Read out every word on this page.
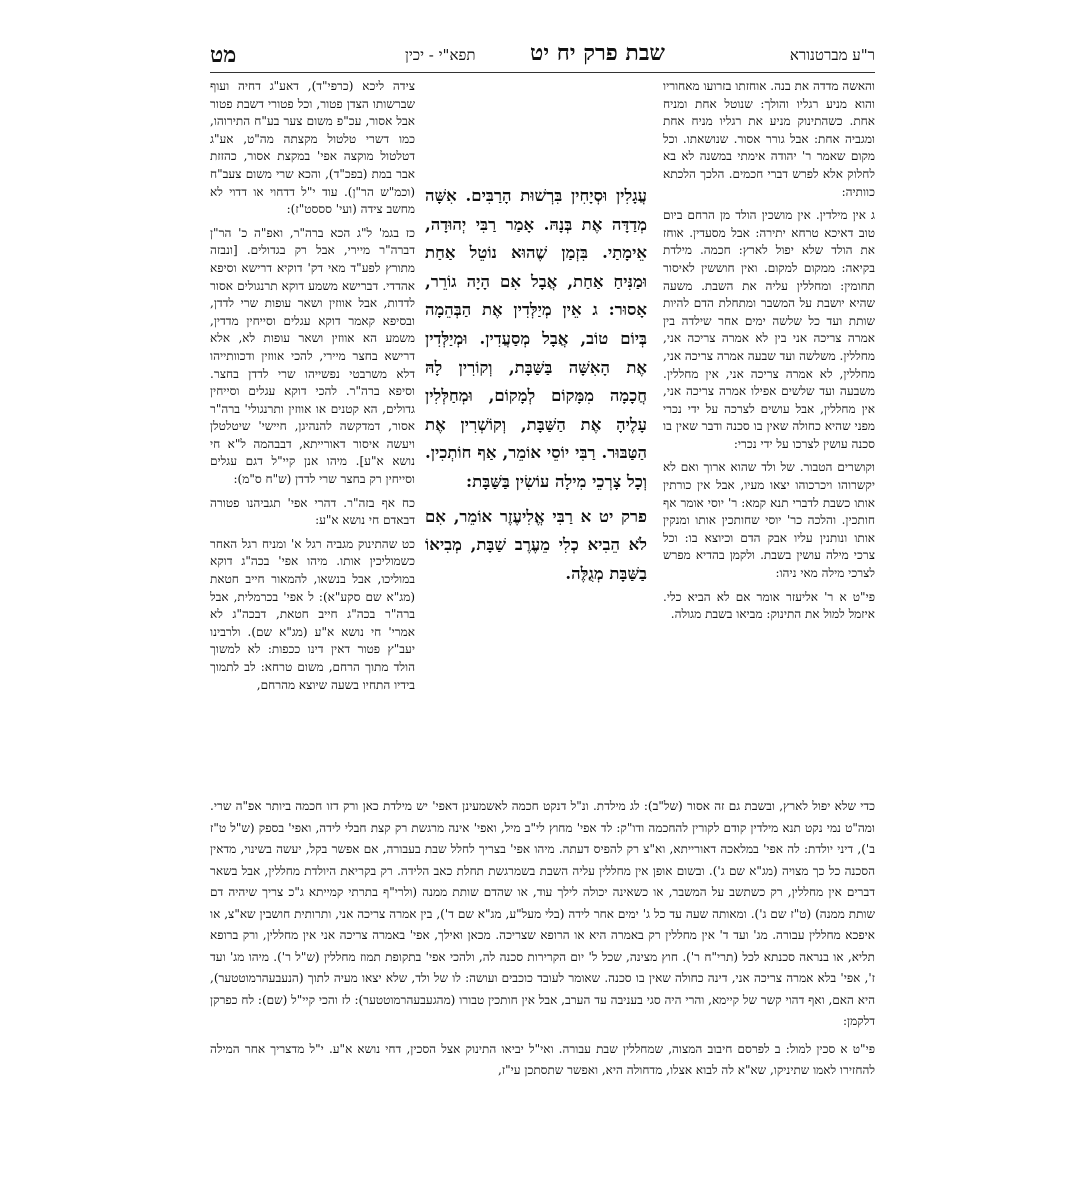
ר"ע מברטנורא
שבת פרק יח יט
תפא"י - יכין
מט

והאשה מדדה את בנה. אוחזתו בזרועו מאחוריו והוא מניע רגליו והולך: שנוטל אחת ומניח אחת. כשהתינוק מניע את רגליו מניח אחת ומגביה אחת: אבל גורר אסור. שנושאתו. וכל מקום שאמר ר' יהודה אימתי במשנה לא בא לחלוק אלא לפרש דברי חכמים. הלכך הלכתא כוותיה:

ג אין מילדין. אין מושכין הולד מן הרחם ביום טוב דאיכא טרחא יתירה: אבל מסעדין. אוחז את הולד שלא יפול לארץ: חכמה. מילדת בקיאה: ממקום למקום. ואין חוששין לאיסור תחומין: ומחללין עליה את השבת. משעה שהיא יושבת על המשבר ומתחלת הדם להיות שותת ועד כל שלשה ימים אחר שילדה בין אמרה צריכה אני בין לא אמרה צריכה אני, מחללין. משלשה ועד שבעה אמרה צריכה אני, מחללין, לא אמרה צריכה אני, אין מחללין. משבעה ועד שלשים אפילו אמרה צריכה אני, אין מחללין, אבל עושים לצרכה על ידי נכרי מפני שהיא כחולה שאין בו סכנה ודבר שאין בו סכנה עושין לצרכו על ידי נכרי:

וקושרים הטבור. של ולד שהוא ארוך ואם לא יקשרוהו ויכרכוהו יצאו מעיו, אבל אין כורתין אותו כשבת לדברי תנא קמא: ר' יוסי אומר אף חותכין. והלכה כר' יוסי שחותכין אותו ומנקין אותו ונותנין עליו אבק הדם וכיוצא בו: וכל צרכי מילה עושין בשבת. ולקמן בהדיא מפרש לצרכי מילה מאי ניהו:

פי"ט א ר' אליעזר אומר אם לא הביא כלי. איזמל למול את התינוק: מביאו בשבת מגולה.

עֲגָלִין וּסְיָחִין בִּרְשׁוּת הָרַבִּים. אִשָּׁה מְדַדָּה אֶת בְּנָהּ. אָמַר רַבִּי יְהוּדָה, אֵימָתַי. בִּזְמַן שֶׁהוּא נוֹטֵל אַחַת וּמַנִּיחַ אַחַת, אֲבָל אִם הָיָה גוֹרֵר, אָסוּר: ג אֵין מְיַלְּדִין אֶת הַבְּהֵמָה בְּיוֹם טוֹב, אֲבָל מְסַעֲדִין. וּמְיַלְּדִין אֶת הָאִשָּׁה בַּשַּׁבָּת, וְקוֹרִין לָהּ חֲכָמָה מִמָּקוֹם לְמָקוֹם, וּמְחַלְּלִין עָלֶיהָ אֶת הַשַּׁבָּת, וְקוֹשְׁרִין אֶת הַטַּבּוּר. רַבִּי יוֹסֵי אוֹמֵר, אַף חוֹתְכִין. וְכָל צָרְכֵי מִילָה עוֹשִׂין בַּשַּׁבָּת:

פרק יט א רַבִּי אֱלִיעֶזֶר אוֹמֵר, אִם לֹא הֵבִיא כְלִי מֵעֶרֶב שַׁבָּת, מְבִיאוֹ בַשַּׁבָּת מְגֻלֶּה.

צידה ליכא (כרפי"ד), דאע"ג דחיה ועוף שברשותו הצדן פטור, וכל פטורי דשבת פטור אבל אסור, עכ"פ משום צער בע"ח התירוהו, כמו דשרי טלטול מקצתה מה"ט, אע"ג דטלטול מוקצה אפי' במקצת אסור, כהזזת אבר במת (בפכ"ד), והכא שרי משום צעב"ח (וכמ"ש הר"ן). עוד י"ל דדחוי או דדוי לא מחשב צידה (ועי' סססט"ז):

כז בגמ' ל"ג הכא ברה"ר, ואפ"ה כ' הר"ן דברה"ר מיירי, אבל רק בגדולים. [ונבזה מתורץ לפע"ד מאי דק' דוקיא דרישא וסיפא אהדדי. דברישא משמע דוקא תרנגולים אסור לדדות, אבל אווזין ושאר עופות שרי לדדן, ובסיפא קאמר דוקא עגלים וסייחין מדדין, משמע הא אווזין ושאר עופות לא, אלא דרישא בחצר מיירי, להכי אווזין ודכוותייהו דלא משרבטי נפשייהו שרי לדדן בחצר. וסיפא ברה"ר. להכי דוקא עגלים וסייחין גדולים, הא קטנים או אווזין ותרנגולי' ברה"ר אסור, דמדקשה להנהיגן, חיישי' שיטלטלן ויעשה איסור דאורייתא, דבבהמה ל"א חי נושא א"ע]. מיהו אנן קיי"ל דגם עגלים וסייחין רק בחצר שרי לדדן (ש"ח ס"מ):

כח אף בזה"ר. דהרי אפי' תגביהנו פטורה דבאדם חי נושא א"ע:

כט שהתינוק מגביה רגל א' ומניח רגל האחר כשמוליכין אותו. מיהו אפי' בכה"ג דוקא במוליכו, אבל בנשאו, להמאור חייב חטאת (מג"א שם סקע"א): ל אפי' בכרמלית, אבל ברה"ר בכה"ג חייב חטאת, דבכה"ג לא אמרי' חי נושא א"ע (מג"א שם). ולרבינו יעב"ץ פטור דאין דינו ככפות: לא למשוך הולד מתוך הרחם, משום טרחא: לב לתמוך בידיו התחיו בשעה שיוצא מהרחם,

כדי שלא יפול לארץ, ובשבת גם זה אסור (של"ב): לג מילדת. ונ"ל דנקט חכמה לאשמעינן דאפי' יש מילדת כאן ורק דזו חכמה ביותר אפ"ה שרי. ומה"ט נמי נקט תנא מילדין קודם לקורין להחכמה ודו"ק: לד אפי' מחוץ לי"ב מיל, ואפי' אינה מרגשת רק קצת חבלי לידה, ואפי' בספק (ש"ל ט"ז ב'), דיני יולדת: לה אפי' במלאכה דאורייתא, וא"צ רק להפיס דעתה. מיהו אפי' בצריך לחלל שבת בעבורה, אם אפשר בקל, יעשה בשינוי, מדאין הסכנה כל כך מצויה (מג"א שם ג'). ובשום אופן אין מחללין עליה השבת בשמרגשת תחלת כאב הלידה. רק בקריאת היולדת מחללין, אבל בשאר דברים אין מחללין, רק כשתשב על המשבר, או כשאינה יכולה לילך עוד, או שהדם שותת ממנה (ולרי"ף בתרתי קמייתא ג"כ צריך שיהיה דם שותת ממנה) (ט"ז שם ג'). ומאותה שעה עד כל ג' ימים אחר לידה (בלי מעל"ע, מג"א שם ד'), בין אמרה צריכה אני, ותרותית חושבין שא"צ, או איפכא מחללין עבורה. מג' ועד ד' אין מחללין רק באמרה היא או הרופא שצריכה. מכאן ואילך, אפי' באמרה צריכה אני אין מחללין, ורק ברופא תליא, או בנראה סכנתא לכל (תרי"ח ר'). חוץ מצינה, שכל ל' יום הקרירות סכנה לה, ולהכי אפי' בתקופת תמוז מחללין (ש"ל ר'). מיהו מג' ועד ז', אפי' בלא אמרה צריכה אני, דינה כחולה שאין בו סכנה. שאומר לעובד כוכבים ועושה: לו של ולד, שלא יצאו מעיה לתוך (הנעבעהרמוטטער), היא האם, ואף דהוי קשר של קיימא, והרי היה סגי בעניבה עד הערב, אבל אין חותכין טבורו (מהגעבעהרמוטטער): לז והכי קיי"ל (שם): לח כפרקן דלקמן:

פי"ט א סכין למול: ב לפרסם חיבוב המצוה, שמחללין שבת עבורה. ואי"ל יביאו התינוק אצל הסכין, דחי נושא א"ע. י"ל מדצריך אחר המילה להחזירו לאמו שתיניקו, שא"א לה לבוא אצלו, מדחולה היא, ואפשר שתסתכן עי"ז,
